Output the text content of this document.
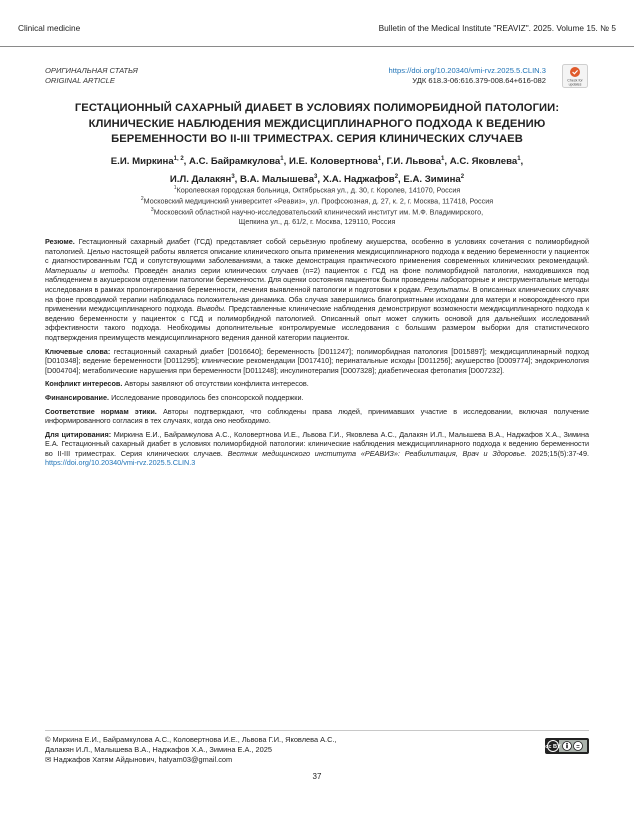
Clinical medicine	Bulletin of the Medical Institute "REAVIZ". 2025. Volume 15. № 5
ОРИГИНАЛЬНАЯ СТАТЬЯ
ORIGINAL ARTICLE
https://doi.org/10.20340/vmi-rvz.2025.5.CLIN.3
УДК 618.3-06:616.379-008.64+616-082	Check for
updates
ГЕСТАЦИОННЫЙ САХАРНЫЙ ДИАБЕТ В УСЛОВИЯХ ПОЛИМОРБИДНОЙ ПАТОЛОГИИ: КЛИНИЧЕСКИЕ НАБЛЮДЕНИЯ МЕЖДИСЦИПЛИНАРНОГО ПОДХОДА К ВЕДЕНИЮ БЕРЕМЕННОСТИ ВО II-III ТРИМЕСТРАХ. СЕРИЯ КЛИНИЧЕСКИХ СЛУЧАЕВ
Е.И. Миркина$^{1, 2}$, А.С. Байрамкулова$^1$, И.Е. Коловертнова$^1$, Г.И. Львова$^1$, А.С. Яковлева$^1$,
И.Л. Далакян$^3$, В.А. Малышева$^3$, Х.А. Наджафов$^2$, Е.А. Зимина$^2$
$^1$Королевская городская больница, Октябрьская ул., д. 30, г. Королев, 141070, Россия
$^2$Московский медицинский университет «Реавиз», ул. Профсоюзная, д. 27, к. 2, г. Москва, 117418, Россия
$^3$Московский областной научно-исследовательский клинический институт им. М.Ф. Владимирского,
Щепкина ул., д. 61/2, г. Москва, 129110, Россия

Резюме. Гестационный сахарный диабет (ГСД) представляет собой серьёзную проблему акушерства, особенно в условиях сочетания с полиморбидной патологией. Целью настоящей работы является описание клинического опыта применения междисциплинарного подхода к ведению беременности у пациенток с диагностированным ГСД и сопутствующими заболеваниями, а также демонстрация практического применения современных клинических рекомендаций. Материалы и методы. Проведён анализ серии клинических случаев (n=2) пациенток с ГСД на фоне полиморбидной патологии, находившихся под наблюдением в акушерском отделении патологии беременности. Для оценки состояния пациенток были проведены лабораторные и инструментальные методы исследования в рамках пролонгирования беременности, лечения выявленной патологии и подготовки к родам. Результаты. В описанных клинических случаях на фоне проводимой терапии наблюдалась положительная динамика. Оба случая завершились благоприятными исходами для матери и новорождённого при применении междисциплинарного подхода. Выводы. Представленные клинические наблюдения демонстрируют возможности междисциплинарного подхода к ведению беременности у пациенток с ГСД и полиморбидной патологией. Описанный опыт может служить основой для дальнейших исследований эффективности такого подхода. Необходимы дополнительные контролируемые исследования с большим размером выборки для статистического подтверждения преимуществ междисциплинарного ведения данной категории пациенток.

Ключевые слова: гестационный сахарный диабет [D016640]; беременность [D011247]; полиморбидная патология [D015897]; междисциплинарный подход [D010348]; ведение беременности [D011295]; клинические рекомендации [D017410]; перинатальные исходы [D011256]; акушерство [D009774]; эндокринология [D004704]; метаболические нарушения при беременности [D011248]; инсулинотерапия [D007328]; диабетическая фетопатия [D007232].

Конфликт интересов. Авторы заявляют об отсутствии конфликта интересов.

Финансирование. Исследование проводилось без спонсорской поддержки.

Соответствие нормам этики. Авторы подтверждают, что соблюдены права людей, принимавших участие в исследовании, включая получение информированного согласия в тех случаях, когда оно необходимо.

Для цитирования: Миркина Е.И., Байрамкулова А.С., Коловертнова И.Е., Львова Г.И., Яковлева А.С., Далакян И.Л., Малышева В.А., Наджафов Х.А., Зимина Е.А. Гестационный сахарный диабет в условиях полиморбидной патологии: клинические наблюдения междисциплинарного подхода к ведению беременности во II-III триместрах. Серия клинических случаев. Вестник медицинского института «РЕАВИЗ»: Реабилитация, Врач и Здоровье. 2025;15(5):37-49. https://doi.org/10.20340/vmi-rvz.2025.5.CLIN.3

© Миркина Е.И., Байрамкулова А.С., Коловертнова И.Е., Львова Г.И., Яковлева А.С.,
Далакян И.Л., Малышева В.А., Наджафов Х.А., Зимина Е.А., 2025
✉ Наджафов Хатям Айдынович, hatyam03@gmail.com
cc BY	=
37
